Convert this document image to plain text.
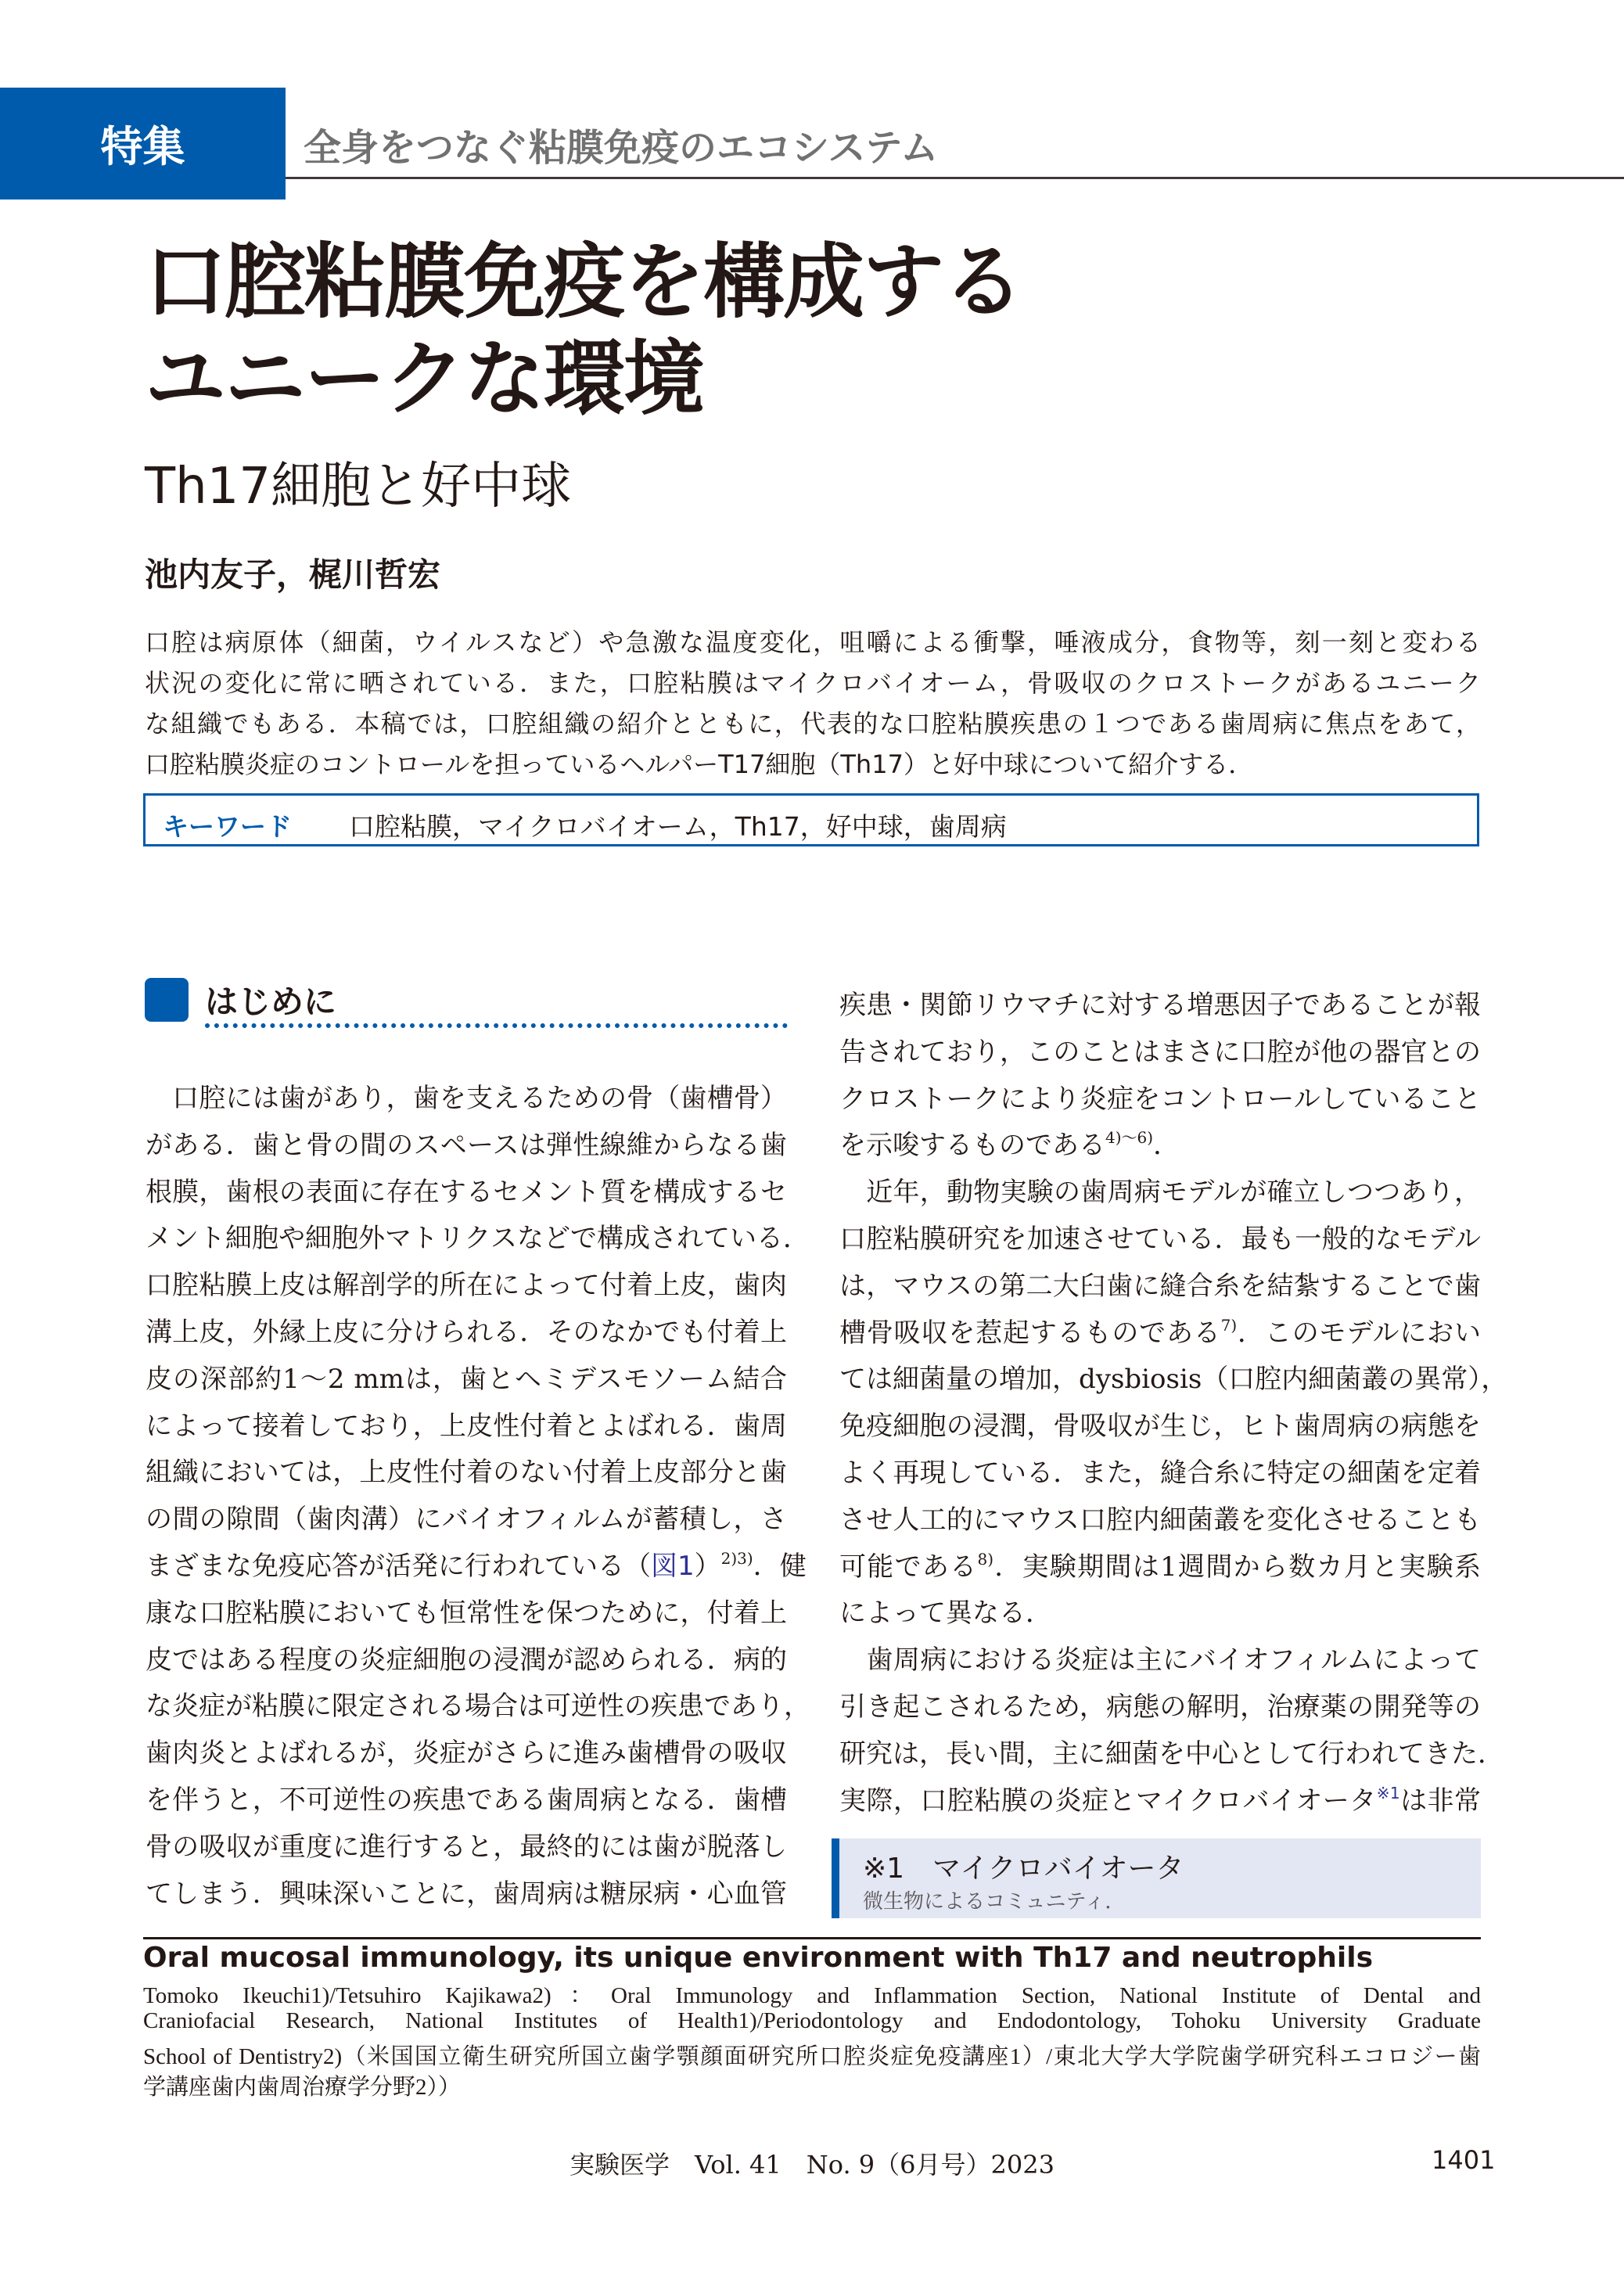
特集	全身をつなぐ粘膜免疫のエコシステム
口腔粘膜免疫を構成する
ユニークな環境
Th17細胞と好中球
池内友子，梶川哲宏
口腔は病原体（細菌，ウイルスなど）や急激な温度変化，咀嚼による衝撃，唾液成分，食物等，刻一刻と変わる
状況の変化に常に晒されている．また，口腔粘膜はマイクロバイオーム，骨吸収のクロストークがあるユニーク
な組織でもある．本稿では，口腔組織の紹介とともに，代表的な口腔粘膜疾患の１つである歯周病に焦点をあて，
口腔粘膜炎症のコントロールを担っているヘルパーT17細胞（Th17）と好中球について紹介する．
キーワード 口腔粘膜，マイクロバイオーム，Th17，好中球，歯周病
はじめに
　口腔には歯があり，歯を支えるための骨（歯槽骨）
がある．歯と骨の間のスペースは弾性線維からなる歯
根膜，歯根の表面に存在するセメント質を構成するセ
メント細胞や細胞外マトリクスなどで構成されている．
口腔粘膜上皮は解剖学的所在によって付着上皮，歯肉
溝上皮，外縁上皮に分けられる．そのなかでも付着上
皮の深部約1～2 mmは，歯とヘミデスモソーム結合
によって接着しており，上皮性付着とよばれる．歯周
組織においては，上皮性付着のない付着上皮部分と歯
の間の隙間（歯肉溝）にバイオフィルムが蓄積し，さ
まざまな免疫応答が活発に行われている（図1）$^{2)3)}$．健
康な口腔粘膜においても恒常性を保つために，付着上
皮ではある程度の炎症細胞の浸潤が認められる．病的
な炎症が粘膜に限定される場合は可逆性の疾患であり，
歯肉炎とよばれるが，炎症がさらに進み歯槽骨の吸収
を伴うと，不可逆性の疾患である歯周病となる．歯槽
骨の吸収が重度に進行すると，最終的には歯が脱落し
てしまう．興味深いことに，歯周病は糖尿病・心血管
疾患・関節リウマチに対する増悪因子であることが報
告されており，このことはまさに口腔が他の器官との
クロストークにより炎症をコントロールしていること
を示唆するものである$^{4)\sim 6)}$．
　近年，動物実験の歯周病モデルが確立しつつあり，
口腔粘膜研究を加速させている．最も一般的なモデル
は，マウスの第二大臼歯に縫合糸を結紮することで歯
槽骨吸収を惹起するものである$^{7)}$．このモデルにおい
ては細菌量の増加，dysbiosis（口腔内細菌叢の異常），
免疫細胞の浸潤，骨吸収が生じ，ヒト歯周病の病態を
よく再現している．また，縫合糸に特定の細菌を定着
させ人工的にマウス口腔内細菌叢を変化させることも
可能である$^{8)}$．実験期間は1週間から数カ月と実験系
によって異なる．
　歯周病における炎症は主にバイオフィルムによって
引き起こされるため，病態の解明，治療薬の開発等の
研究は，長い間，主に細菌を中心として行われてきた．
実際，口腔粘膜の炎症とマイクロバイオータ$^{※1}$は非常
※1　マイクロバイオータ
微生物によるコミュニティ．
Oral mucosal immunology, its unique environment with Th17 and neutrophils
Tomoko Ikeuchi1)/Tetsuhiro Kajikawa2)：Oral Immunology and Inflammation Section, National Institute of Dental and
Craniofacial Research, National Institutes of Health1)/Periodontology and Endodontology, Tohoku University Graduate
School of Dentistry2)（米国国立衛生研究所国立歯学顎顔面研究所口腔炎症免疫講座1）/東北大学大学院歯学研究科エコロジー歯
学講座歯内歯周治療学分野2））
実験医学　Vol. 41　No. 9（6月号）2023	1401
